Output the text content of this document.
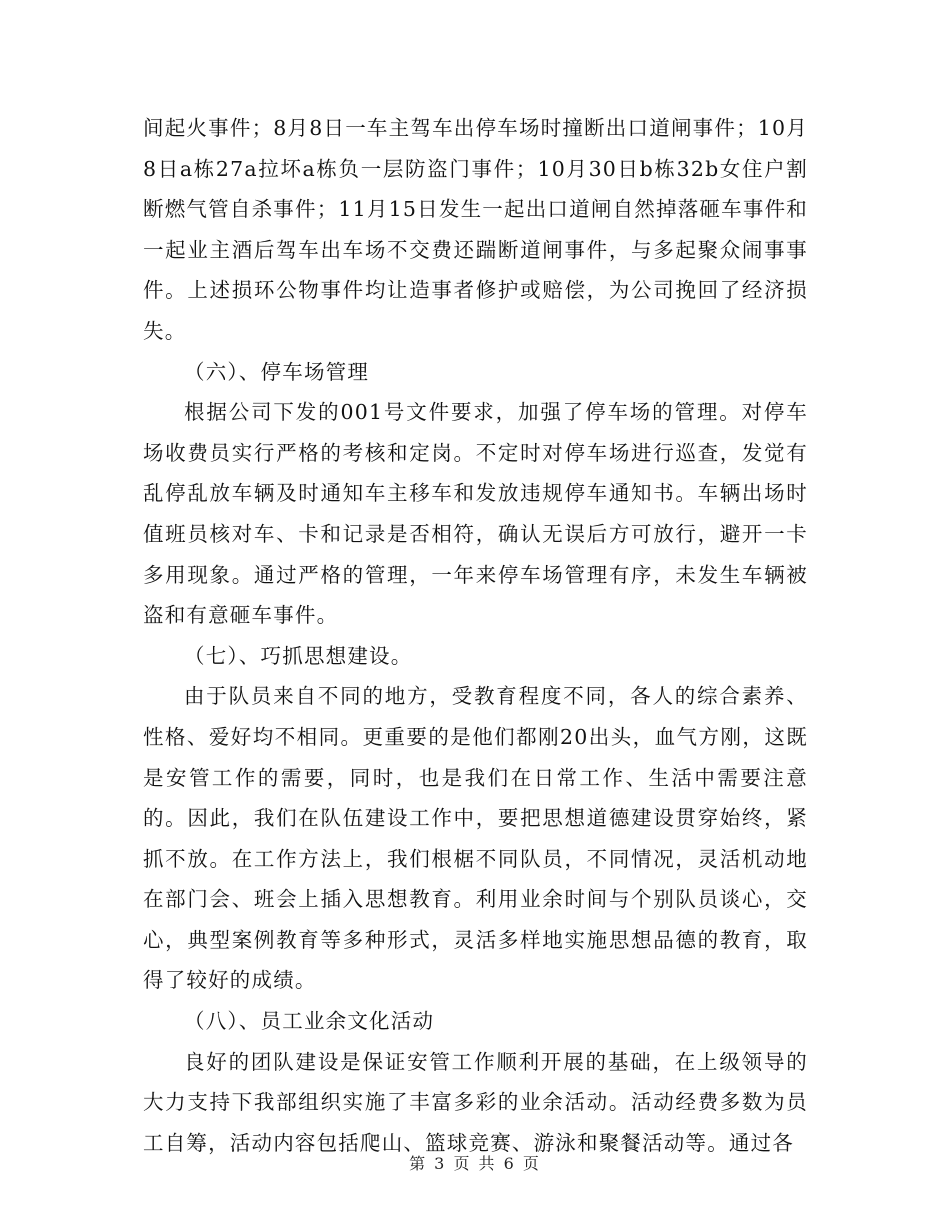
间起火事件；8月8日一车主驾车出停车场时撞断出口道闸事件；10月8日a栋27a拉坏a栋负一层防盗门事件；10月30日b栋32b女住户割断燃气管自杀事件；11月15日发生一起出口道闸自然掉落砸车事件和一起业主酒后驾车出车场不交费还踹断道闸事件，与多起聚众闹事事件。上述损环公物事件均让造事者修护或赔偿，为公司挽回了经济损失。

（六）、停车场管理

根据公司下发的001号文件要求，加强了停车场的管理。对停车场收费员实行严格的考核和定岗。不定时对停车场进行巡查，发觉有乱停乱放车辆及时通知车主移车和发放违规停车通知书。车辆出场时值班员核对车、卡和记录是否相符，确认无误后方可放行，避开一卡多用现象。通过严格的管理，一年来停车场管理有序，未发生车辆被盗和有意砸车事件。

（七）、巧抓思想建设。

由于队员来自不同的地方，受教育程度不同，各人的综合素养、性格、爱好均不相同。更重要的是他们都刚20出头，血气方刚，这既是安管工作的需要，同时，也是我们在日常工作、生活中需要注意的。因此，我们在队伍建设工作中，要把思想道德建设贯穿始终，紧抓不放。在工作方法上，我们根椐不同队员，不同情况，灵活机动地在部门会、班会上插入思想教育。利用业余时间与个别队员谈心，交心，典型案例教育等多种形式，灵活多样地实施思想品德的教育，取得了较好的成绩。

（八）、员工业余文化活动

良好的团队建设是保证安管工作顺利开展的基础，在上级领导的大力支持下我部组织实施了丰富多彩的业余活动。活动经费多数为员工自筹，活动内容包括爬山、篮球竞赛、游泳和聚餐活动等。通过各

第 3 页 共 6 页
